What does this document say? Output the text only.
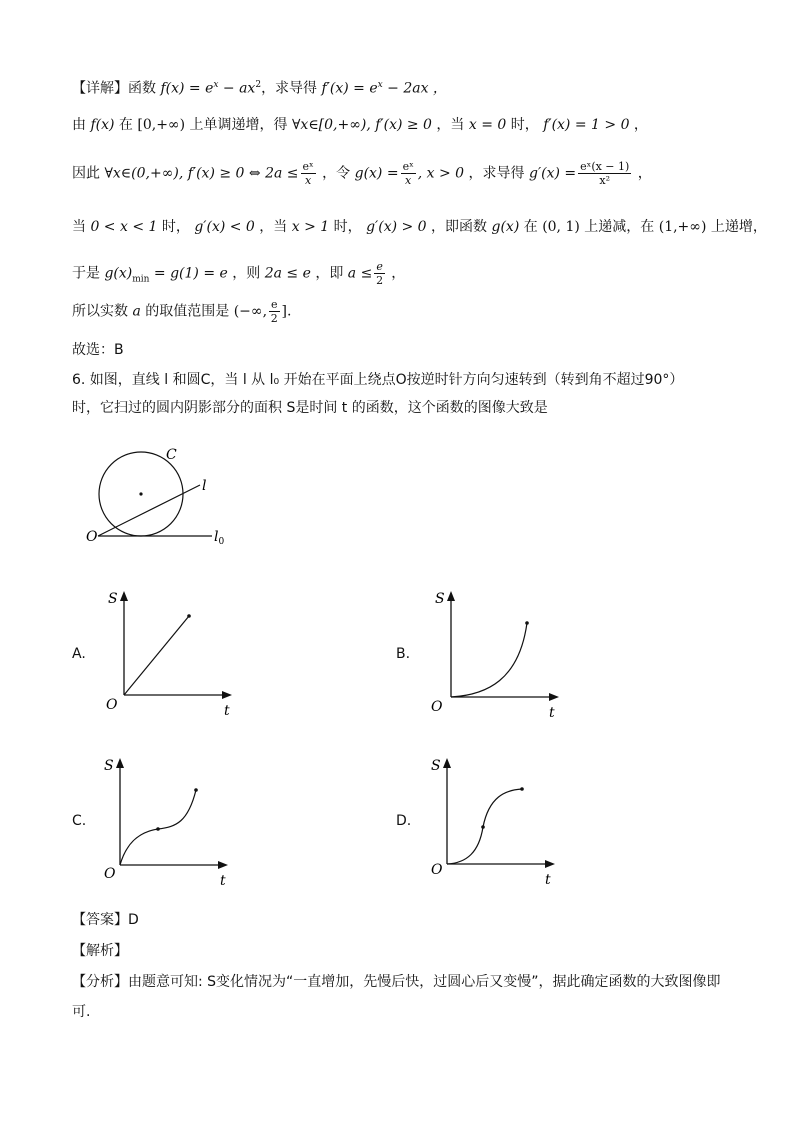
【详解】函数 $f(x) = e^x - ax^2$，求导得 $f'(x) = e^x - 2ax$ ，
由 f(x) 在 [0,+∞) 上单调递增，得 ∀x∈[0,+∞), f′(x) ≥ 0 ，当 x = 0 时， f′(x) = 1 > 0 ，
因此 ∀x∈(0,+∞), f′(x) ≥ 0 ⇔ $2a \le \frac{\text{eˣ}}{x}$ ，令 $g(x) = \frac{\text{eˣ}}{x}$ , x > 0 ，求导得 $g'(x) = \frac{\text{eˣ(x − 1)}}{\text{x²}}$ ，
当 0 < x < 1 时， g′(x) < 0 ，当 x > 1 时， g′(x) > 0 ，即函数 g(x) 在 (0, 1) 上递减，在 (1,+∞) 上递增，
于是 $g(x)_{min} = g(1) = e$ ，则 2a ≤ e ，即 $a \le \frac{e}{2}$ ，
所以实数 a 的取值范围是 (−∞, $\frac{e}{2}$ ].
故选：B
6. 如图，直线 l 和圆C，当 l 从 l₀ 开始在平面上绕点O按逆时针方向匀速转到（转到角不超过90°）
时，它扫过的圆内阴影部分的面积 S是时间 t 的函数，这个函数的图像大致是
C
l
O	$l_0$
A.	B.
C.	D.
S
t
O
S
t
O
S
t
O
S
t
O
【答案】D
【解析】
【分析】由题意可知: S变化情况为“一直增加，先慢后快，过圆心后又变慢”，据此确定函数的大致图像即
可.
